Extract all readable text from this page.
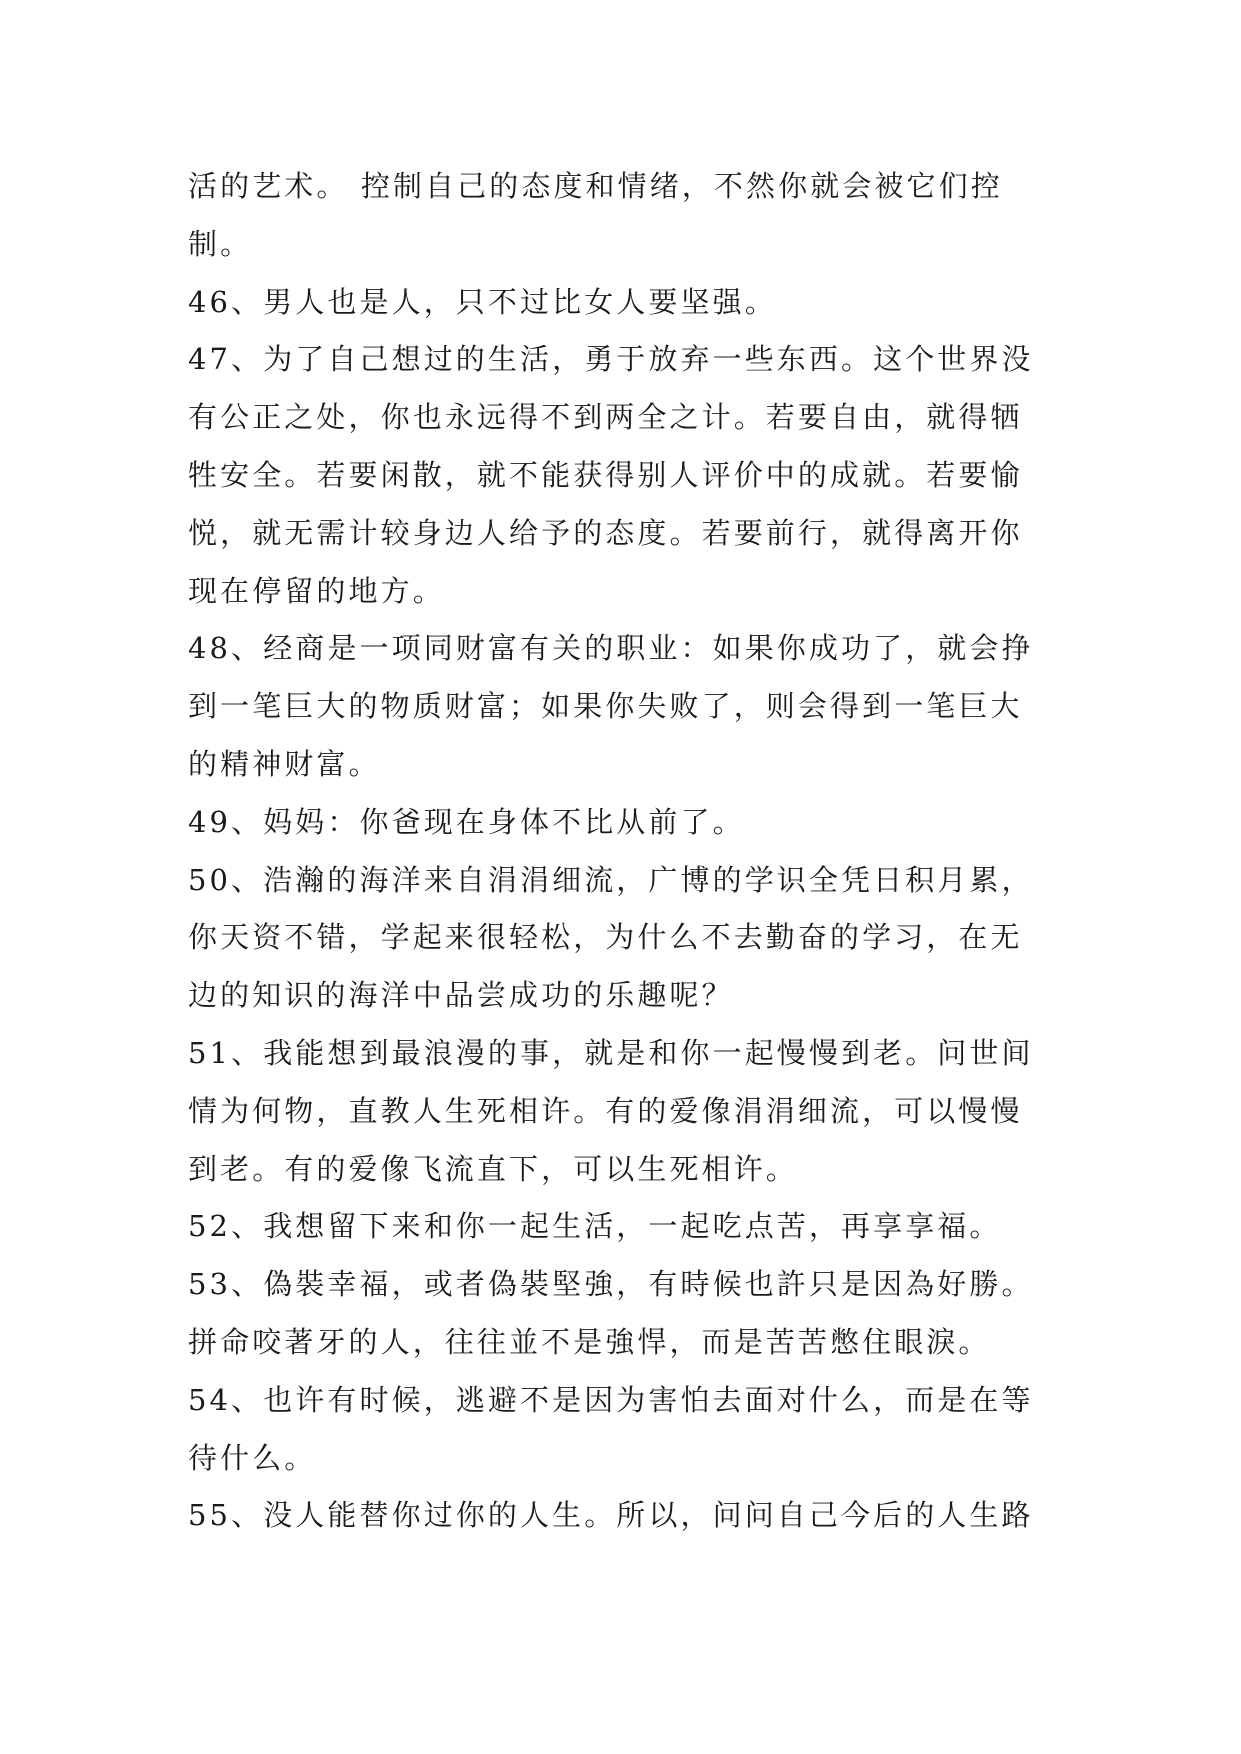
活的艺术。 控制自己的态度和情绪，不然你就会被它们控
制。
46、男人也是人，只不过比女人要坚强。
47、为了自己想过的生活，勇于放弃一些东西。这个世界没
有公正之处，你也永远得不到两全之计。若要自由，就得牺
牲安全。若要闲散，就不能获得别人评价中的成就。若要愉
悦，就无需计较身边人给予的态度。若要前行，就得离开你
现在停留的地方。
48、经商是一项同财富有关的职业：如果你成功了，就会挣
到一笔巨大的物质财富；如果你失败了，则会得到一笔巨大
的精神财富。
49、妈妈：你爸现在身体不比从前了。
50、浩瀚的海洋来自涓涓细流，广博的学识全凭日积月累，
你天资不错，学起来很轻松，为什么不去勤奋的学习，在无
边的知识的海洋中品尝成功的乐趣呢？
51、我能想到最浪漫的事，就是和你一起慢慢到老。问世间
情为何物，直教人生死相许。有的爱像涓涓细流，可以慢慢
到老。有的爱像飞流直下，可以生死相许。
52、我想留下来和你一起生活，一起吃点苦，再享享福。
53、偽裝幸福，或者偽裝堅強，有時候也許只是因為好勝。
拼命咬著牙的人，往往並不是強悍，而是苦苦憋住眼淚。
54、也许有时候，逃避不是因为害怕去面对什么，而是在等
待什么。
55、没人能替你过你的人生。所以，问问自己今后的人生路
